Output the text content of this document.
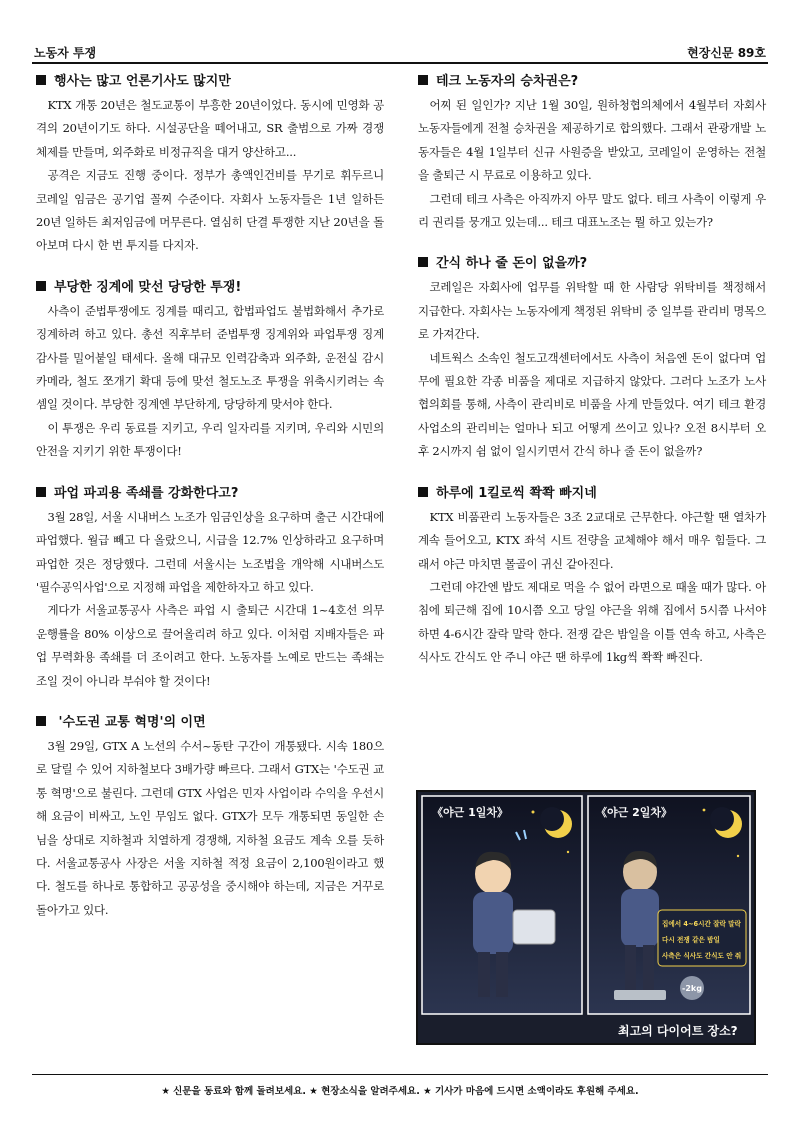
노동자 투쟁	현장신문 89호
행사는 많고 언론기사도 많지만

KTX 개통 20년은 철도교통이 부흥한 20년이었다. 동시에 민영화 공격의 20년이기도 하다. 시설공단을 떼어내고, SR 출범으로 가짜 경쟁체제를 만들며, 외주화로 비정규직을 대거 양산하고...

공격은 지금도 진행 중이다. 정부가 총액인건비를 무기로 휘두르니 코레일 임금은 공기업 꼴찌 수준이다. 자회사 노동자들은 1년 일하든 20년 일하든 최저임금에 머무른다. 열심히 단결 투쟁한 지난 20년을 돌아보며 다시 한 번 투지를 다지자.

부당한 징계에 맞선 당당한 투쟁!

사측이 준법투쟁에도 징계를 때리고, 합법파업도 불법화해서 추가로 징계하려 하고 있다. 총선 직후부터 준법투쟁 징계위와 파업투쟁 징계 감사를 밀어붙일 태세다. 올해 대규모 인력감축과 외주화, 운전실 감시카메라, 철도 쪼개기 확대 등에 맞선 철도노조 투쟁을 위축시키려는 속셈일 것이다. 부당한 징계엔 부단하게, 당당하게 맞서야 한다.

이 투쟁은 우리 동료를 지키고, 우리 일자리를 지키며, 우리와 시민의 안전을 지키기 위한 투쟁이다!

파업 파괴용 족쇄를 강화한다고?

3월 28일, 서울 시내버스 노조가 임금인상을 요구하며 출근 시간대에 파업했다. 월급 빼고 다 올랐으니, 시급을 12.7% 인상하라고 요구하며 파업한 것은 정당했다. 그런데 서울시는 노조법을 개악해 시내버스도 '필수공익사업'으로 지정해 파업을 제한하자고 하고 있다.

게다가 서울교통공사 사측은 파업 시 출퇴근 시간대 1~4호선 의무 운행률을 80% 이상으로 끌어올리려 하고 있다. 이처럼 지배자들은 파업 무력화용 족쇄를 더 조이려고 한다. 노동자를 노예로 만드는 족쇄는 조일 것이 아니라 부숴야 할 것이다!

'수도권 교통 혁명'의 이면

3월 29일, GTX A 노선의 수서~동탄 구간이 개통됐다. 시속 180으로 달릴 수 있어 지하철보다 3배가량 빠르다. 그래서 GTX는 '수도권 교통 혁명'으로 불린다. 그런데 GTX 사업은 민자 사업이라 수익을 우선시해 요금이 비싸고, 노인 무임도 없다. GTX가 모두 개통되면 동일한 손님을 상대로 지하철과 치열하게 경쟁해, 지하철 요금도 계속 오를 듯하다. 서울교통공사 사장은 서울 지하철 적정 요금이 2,100원이라고 했다. 철도를 하나로 통합하고 공공성을 중시해야 하는데, 지금은 거꾸로 돌아가고 있다.

테크 노동자의 승차권은?

어찌 된 일인가? 지난 1월 30일, 원하청협의체에서 4월부터 자회사 노동자들에게 전철 승차권을 제공하기로 합의했다. 그래서 관광개발 노동자들은 4월 1일부터 신규 사원증을 받았고, 코레일이 운영하는 전철을 출퇴근 시 무료로 이용하고 있다.

그런데 테크 사측은 아직까지 아무 말도 없다. 테크 사측이 이렇게 우리 권리를 뭉개고 있는데... 테크 대표노조는 뭘 하고 있는가?

간식 하나 줄 돈이 없을까?

코레일은 자회사에 업무를 위탁할 때 한 사람당 위탁비를 책정해서 지급한다. 자회사는 노동자에게 책정된 위탁비 중 일부를 관리비 명목으로 가져간다.

네트웍스 소속인 철도고객센터에서도 사측이 처음엔 돈이 없다며 업무에 필요한 각종 비품을 제대로 지급하지 않았다. 그러다 노조가 노사협의회를 통해, 사측이 관리비로 비품을 사게 만들었다. 여기 테크 환경사업소의 관리비는 얼마나 되고 어떻게 쓰이고 있나? 오전 8시부터 오후 2시까지 쉼 없이 일시키면서 간식 하나 줄 돈이 없을까?

하루에 1킬로씩 쫙쫙 빠지네

KTX 비품관리 노동자들은 3조 2교대로 근무한다. 야근할 땐 열차가 계속 들어오고, KTX 좌석 시트 전량을 교체해야 해서 매우 힘들다. 그래서 야근 마치면 몰골이 귀신 같아진다.

그런데 야간엔 밥도 제대로 먹을 수 없어 라면으로 때울 때가 많다. 아침에 퇴근해 집에 10시쯤 오고 당일 야근을 위해 집에서 5시쯤 나서야 하면 4-6시간 잘락 말락 한다. 전쟁 같은 밤일을 이틀 연속 하고, 사측은 식사도 간식도 안 주니 야근 땐 하루에 1kg씩 쫙쫙 빠진다.

《야근 1일차》	《야근 2일차》
집에서 4~6시간 잘락 말락
다시 전쟁 같은 밤일
사측은 식사도 간식도 안 줘
-2kg
최고의 다이어트 장소?
★ 신문을 동료와 함께 돌려보세요. ★ 현장소식을 알려주세요. ★ 기사가 마음에 드시면 소액이라도 후원해 주세요.
